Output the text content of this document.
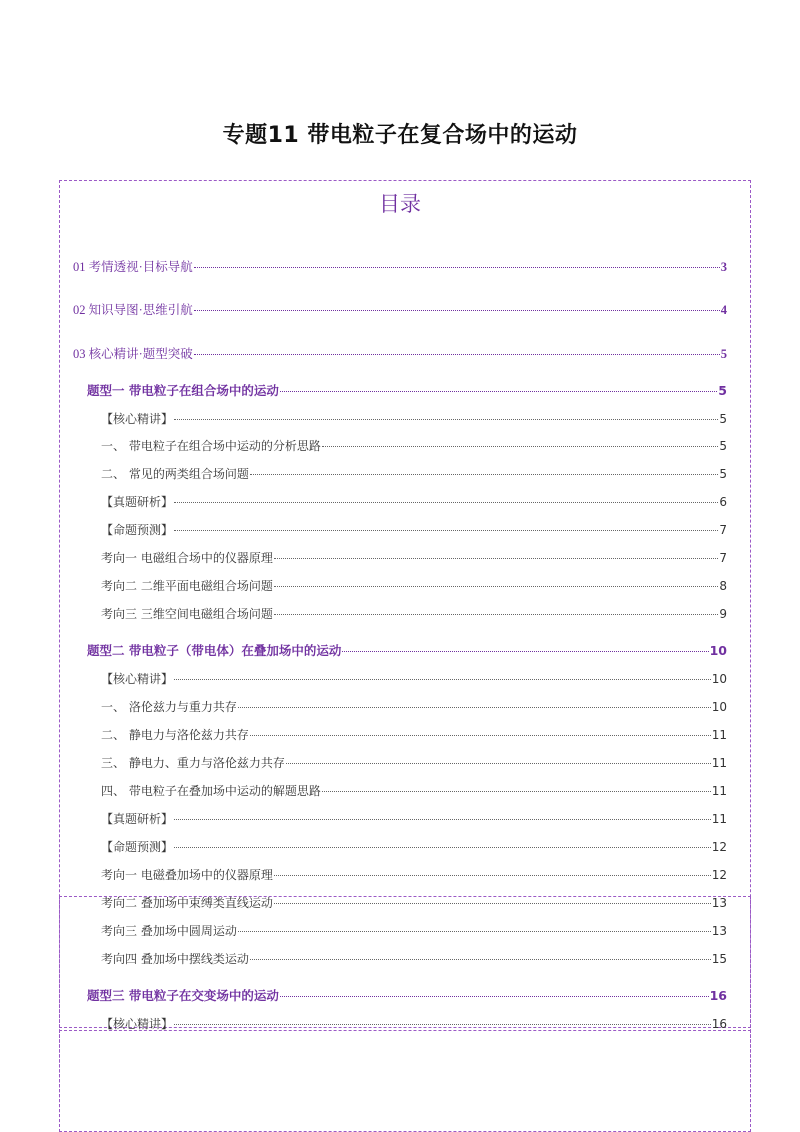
专题11 带电粒子在复合场中的运动
目录
01 考情透视·目标导航	3
02 知识导图·思维引航	4
03 核心精讲·题型突破	5
题型一 带电粒子在组合场中的运动	5
【核心精讲】	5
一、 带电粒子在组合场中运动的分析思路	5
二、 常见的两类组合场问题	5
【真题研析】	6
【命题预测】	7
考向一 电磁组合场中的仪器原理	7
考向二 二维平面电磁组合场问题	8
考向三 三维空间电磁组合场问题	9
题型二 带电粒子（带电体）在叠加场中的运动	10
【核心精讲】	10
一、 洛伦兹力与重力共存	10
二、 静电力与洛伦兹力共存	11
三、 静电力、重力与洛伦兹力共存	11
四、 带电粒子在叠加场中运动的解题思路	11
【真题研析】	11
【命题预测】	12
考向一 电磁叠加场中的仪器原理	12
考向二 叠加场中束缚类直线运动	13
考向三 叠加场中圆周运动	13
考向四 叠加场中摆线类运动	15
题型三 带电粒子在交变场中的运动	16
【核心精讲】	16
